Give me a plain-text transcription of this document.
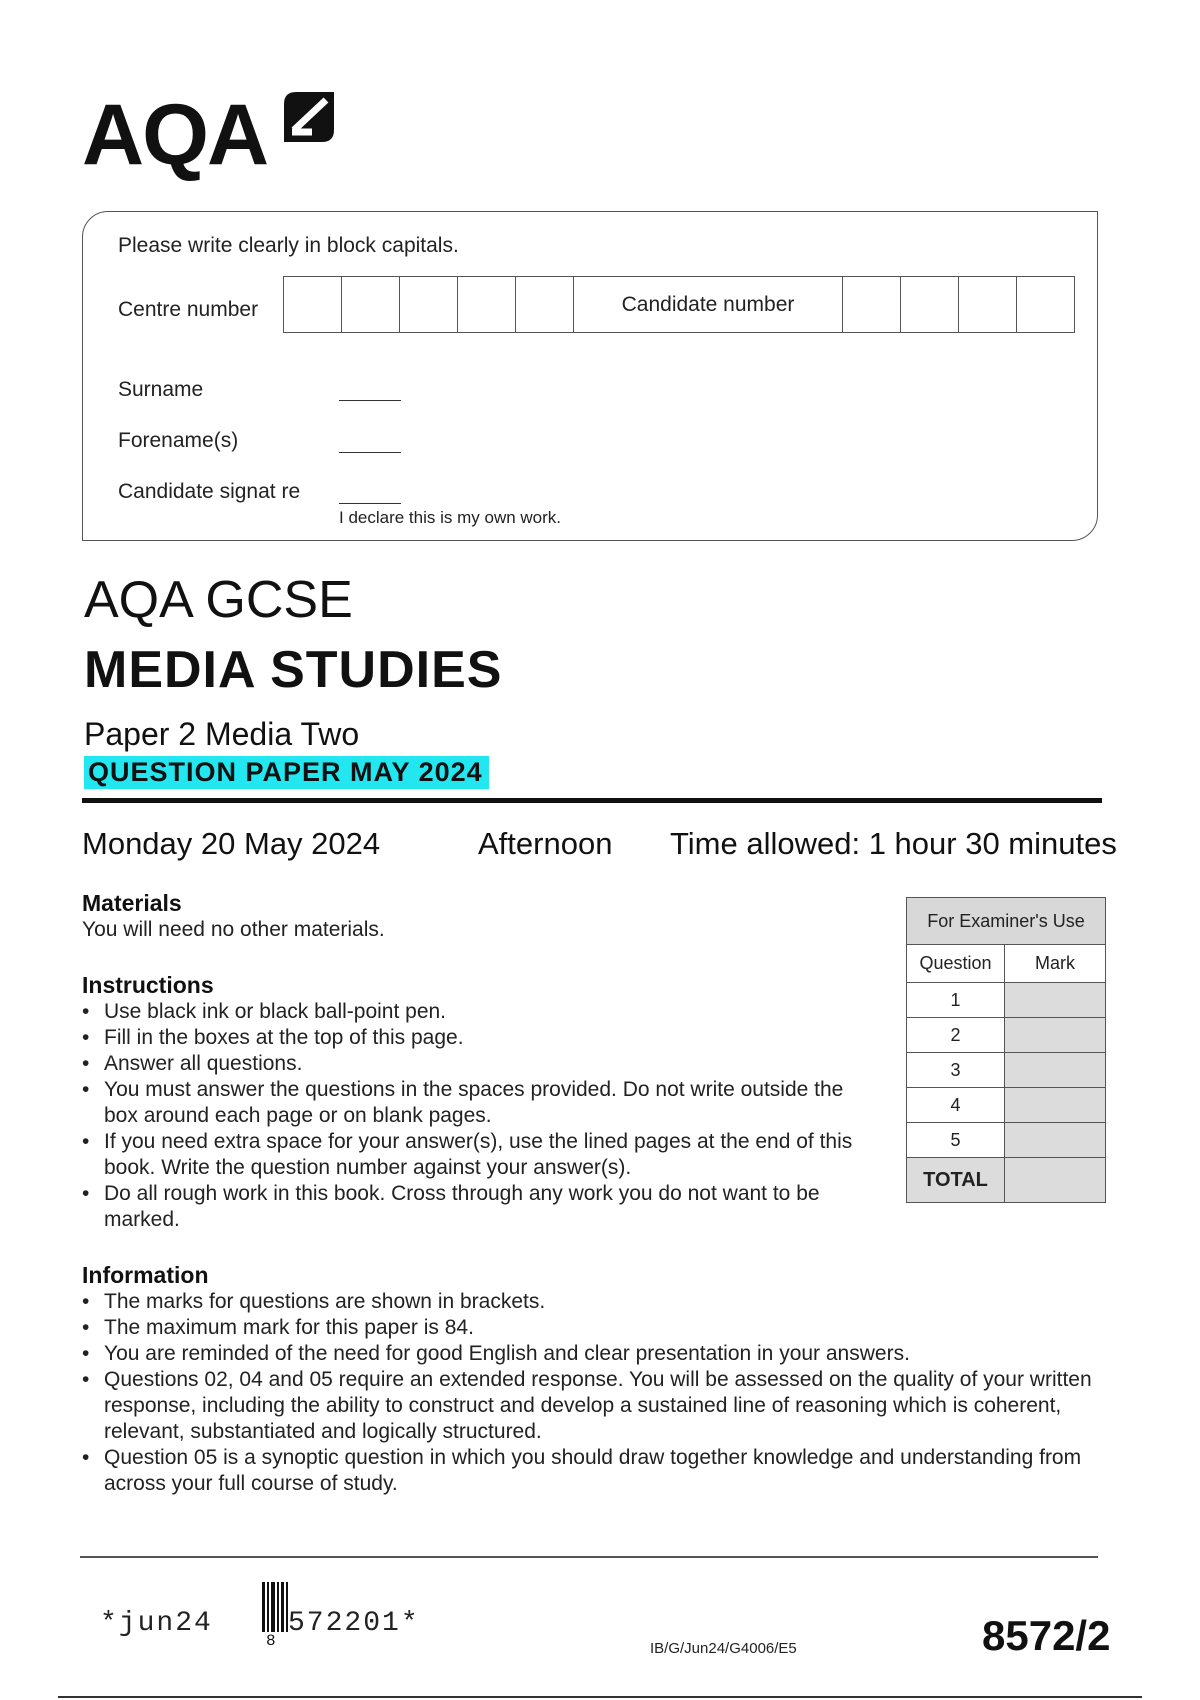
AQA
Please write clearly in block capitals.
Centre number	Candidate number
Surname
Forename(s)
Candidate signat re
I declare this is my own work.
AQA GCSE
MEDIA STUDIES
Paper 2 Media Two
QUESTION PAPER MAY 2024
Monday 20 May 2024	Afternoon Time allowed: 1 hour 30 minutes
Materials
You will need no other materials.
Instructions
• Use black ink or black ball-point pen.
• Fill in the boxes at the top of this page.
• Answer all questions.
• You must answer the questions in the spaces provided. Do not write outside the box around each page or on blank pages.
• If you need extra space for your answer(s), use the lined pages at the end of this book. Write the question number against your answer(s).
• Do all rough work in this book. Cross through any work you do not want to be marked.
Information
• The marks for questions are shown in brackets.
• The maximum mark for this paper is 84.
• You are reminded of the need for good English and clear presentation in your answers.
• Questions 02, 04 and 05 require an extended response. You will be assessed on the quality of your written response, including the ability to construct and develop a sustained line of reasoning which is coherent, relevant, substantiated and logically structured.
• Question 05 is a synoptic question in which you should draw together knowledge and understanding from across your full course of study.
For Examiner's Use	
Question	Mark
1	
2	
3	
4	
5	
TOTAL	
*jun24
8
572201*
IB/G/Jun24/G4006/E5	8572/2
